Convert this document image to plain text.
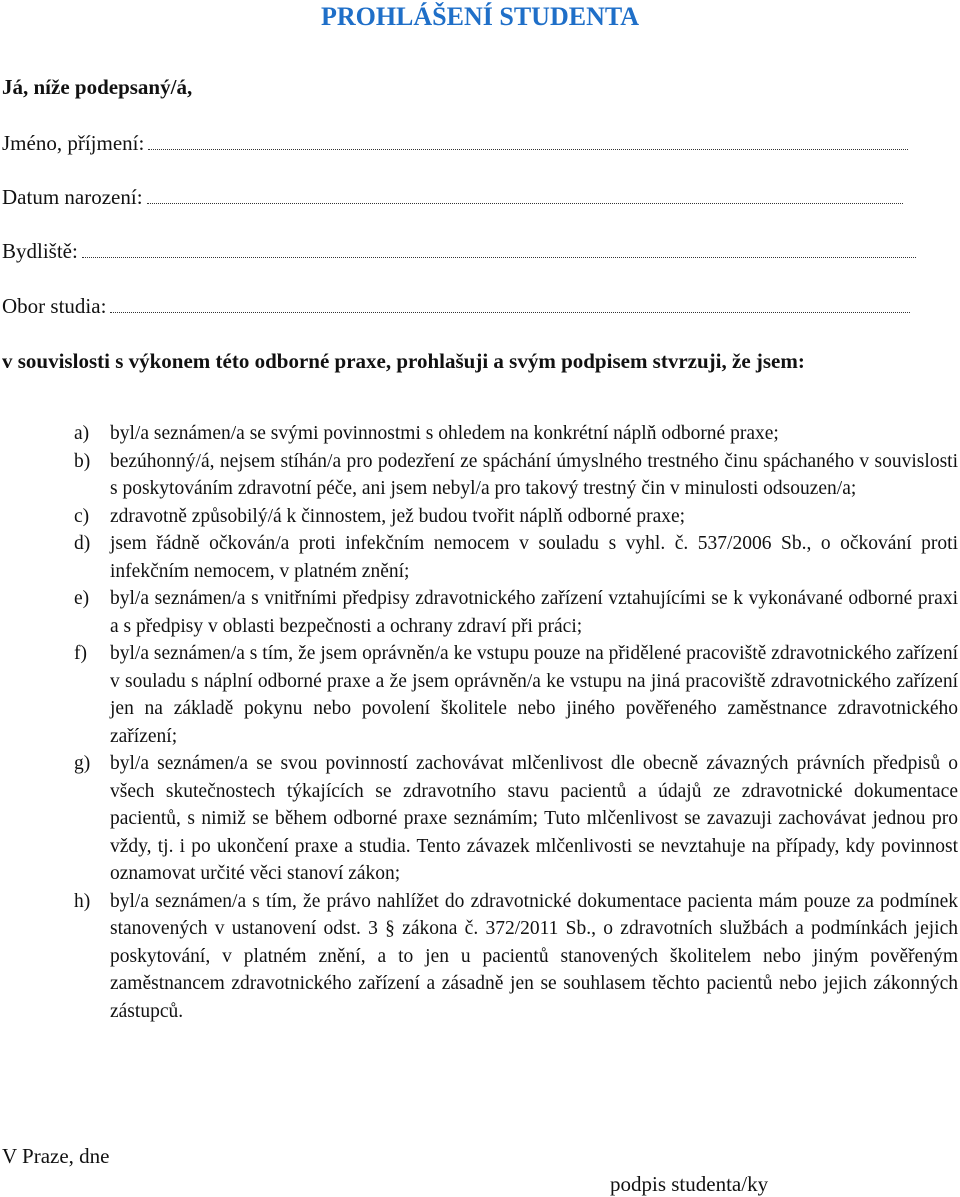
PROHLÁŠENÍ STUDENTA
Já, níže podepsaný/á,
Jméno, příjmení:
Datum narození:
Bydliště:
Obor studia:
v souvislosti s výkonem této odborné praxe, prohlašuji a svým podpisem stvrzuji, že jsem:
a) byl/a seznámen/a se svými povinnostmi s ohledem na konkrétní náplň odborné praxe;
b) bezúhonný/á, nejsem stíhán/a pro podezření ze spáchání úmyslného trestného činu spáchaného v souvislosti s poskytováním zdravotní péče, ani jsem nebyl/a pro takový trestný čin v minulosti odsouzen/a;
c) zdravotně způsobilý/á k činnostem, jež budou tvořit náplň odborné praxe;
d) jsem řádně očkován/a proti infekčním nemocem v souladu s vyhl. č. 537/2006 Sb., o očkování proti infekčním nemocem, v platném znění;
e) byl/a seznámen/a s vnitřními předpisy zdravotnického zařízení vztahujícími se k vykonávané odborné praxi a s předpisy v oblasti bezpečnosti a ochrany zdraví při práci;
f) byl/a seznámen/a s tím, že jsem oprávněn/a ke vstupu pouze na přidělené pracoviště zdravotnického zařízení v souladu s náplní odborné praxe a že jsem oprávněn/a ke vstupu na jiná pracoviště zdravotnického zařízení jen na základě pokynu nebo povolení školitele nebo jiného pověřeného zaměstnance zdravotnického zařízení;
g) byl/a seznámen/a se svou povinností zachovávat mlčenlivost dle obecně závazných právních předpisů o všech skutečnostech týkajících se zdravotního stavu pacientů a údajů ze zdravotnické dokumentace pacientů, s nimiž se během odborné praxe seznámím; Tuto mlčenlivost se zavazuji zachovávat jednou pro vždy, tj. i po ukončení praxe a studia. Tento závazek mlčenlivosti se nevztahuje na případy, kdy povinnost oznamovat určité věci stanoví zákon;
h) byl/a seznámen/a s tím, že právo nahlížet do zdravotnické dokumentace pacienta mám pouze za podmínek stanovených v ustanovení odst. 3 § zákona č. 372/2011 Sb., o zdravotních službách a podmínkách jejich poskytování, v platném znění, a to jen u pacientů stanovených školitelem nebo jiným pověřeným zaměstnancem zdravotnického zařízení a zásadně jen se souhlasem těchto pacientů nebo jejich zákonných zástupců.
V Praze, dne
podpis studenta/ky
